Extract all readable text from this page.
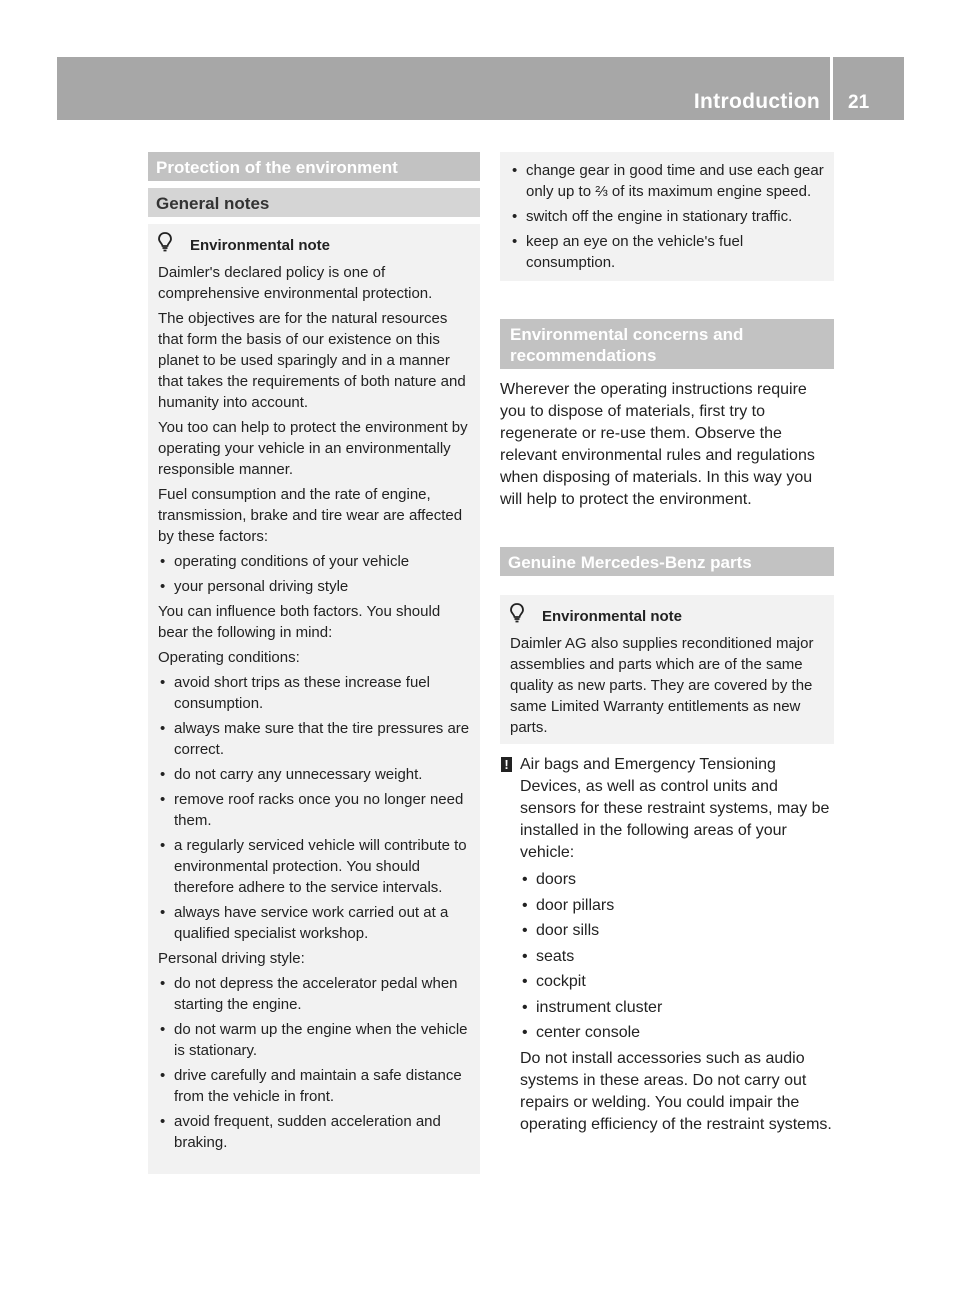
Introduction 21
Protection of the environment
General notes
Environmental note

Daimler's declared policy is one of comprehensive environmental protection.

The objectives are for the natural resources that form the basis of our existence on this planet to be used sparingly and in a manner that takes the requirements of both nature and humanity into account.

You too can help to protect the environment by operating your vehicle in an environmentally responsible manner.

Fuel consumption and the rate of engine, transmission, brake and tire wear are affected by these factors:

• operating conditions of your vehicle
• your personal driving style

You can influence both factors. You should bear the following in mind:

Operating conditions:

• avoid short trips as these increase fuel consumption.
• always make sure that the tire pressures are correct.
• do not carry any unnecessary weight.
• remove roof racks once you no longer need them.
• a regularly serviced vehicle will contribute to environmental protection. You should therefore adhere to the service intervals.
• always have service work carried out at a qualified specialist workshop.

Personal driving style:

• do not depress the accelerator pedal when starting the engine.
• do not warm up the engine when the vehicle is stationary.
• drive carefully and maintain a safe distance from the vehicle in front.
• avoid frequent, sudden acceleration and braking.
• change gear in good time and use each gear only up to ⅔ of its maximum engine speed.
• switch off the engine in stationary traffic.
• keep an eye on the vehicle's fuel consumption.
Environmental concerns and recommendations

Wherever the operating instructions require you to dispose of materials, first try to regenerate or re-use them. Observe the relevant environmental rules and regulations when disposing of materials. In this way you will help to protect the environment.

Genuine Mercedes-Benz parts
Environmental note

Daimler AG also supplies reconditioned major assemblies and parts which are of the same quality as new parts. They are covered by the same Limited Warranty entitlements as new parts.

! Air bags and Emergency Tensioning Devices, as well as control units and sensors for these restraint systems, may be installed in the following areas of your vehicle:

• doors
• door pillars
• door sills
• seats
• cockpit
• instrument cluster
• center console

Do not install accessories such as audio systems in these areas. Do not carry out repairs or welding. You could impair the operating efficiency of the restraint systems.
